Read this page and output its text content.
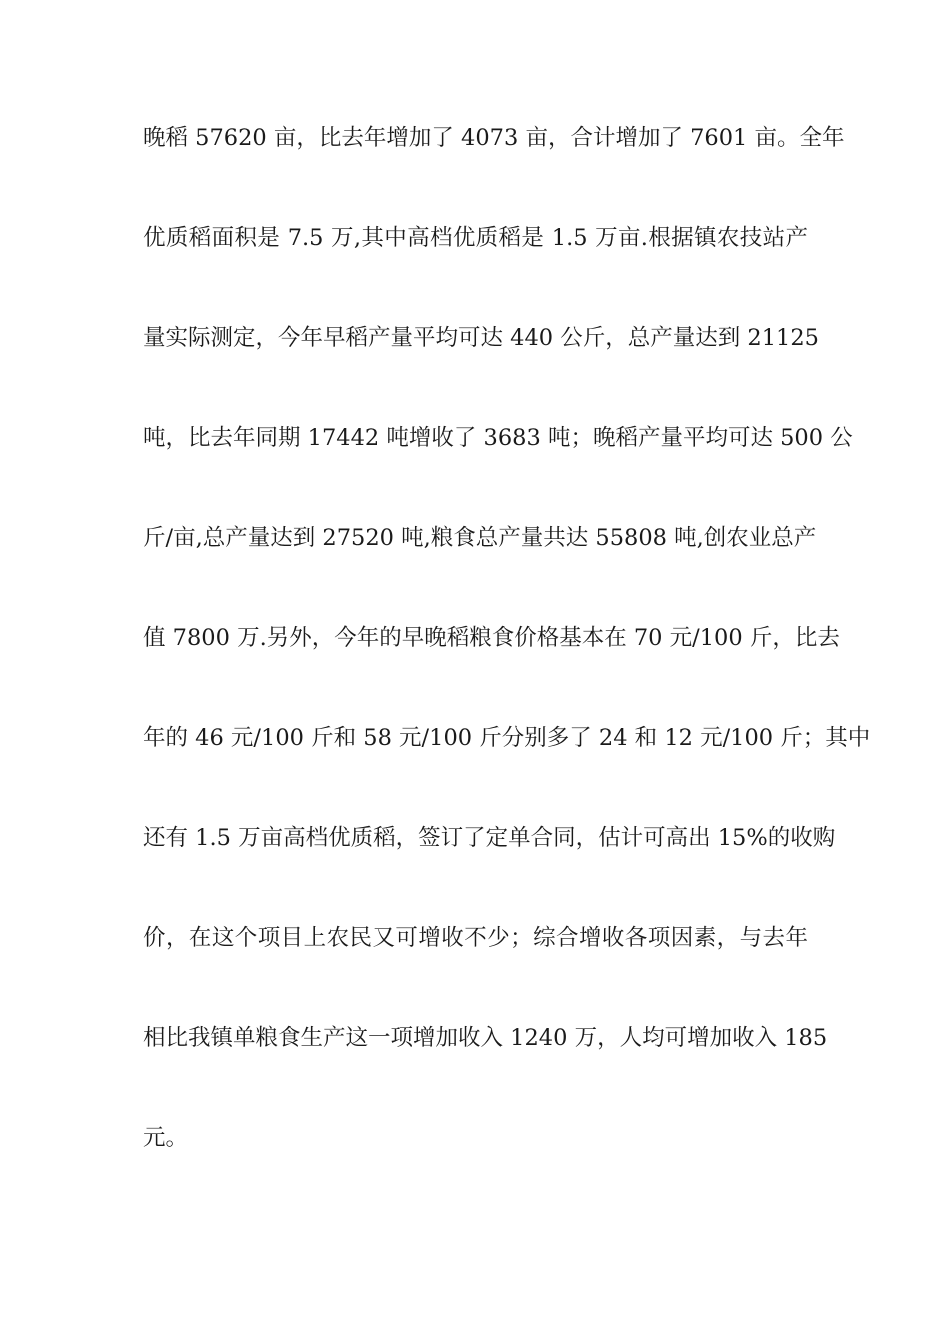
晚稻 57620 亩，比去年增加了 4073 亩，合计增加了 7601 亩。全年
优质稻面积是 7.5 万,其中高档优质稻是 1.5 万亩.根据镇农技站产
量实际测定，今年早稻产量平均可达 440 公斤，总产量达到 21125
吨，比去年同期 17442 吨增收了 3683 吨；晚稻产量平均可达 500 公
斤/亩,总产量达到 27520 吨,粮食总产量共达 55808 吨,创农业总产
值 7800 万.另外，今年的早晚稻粮食价格基本在 70 元/100 斤，比去
年的 46 元/100 斤和 58 元/100 斤分别多了 24 和 12 元/100 斤；其中
还有 1.5 万亩高档优质稻，签订了定单合同，估计可高出 15%的收购
价，在这个项目上农民又可增收不少；综合增收各项因素，与去年
相比我镇单粮食生产这一项增加收入 1240 万，人均可增加收入 185
元。
